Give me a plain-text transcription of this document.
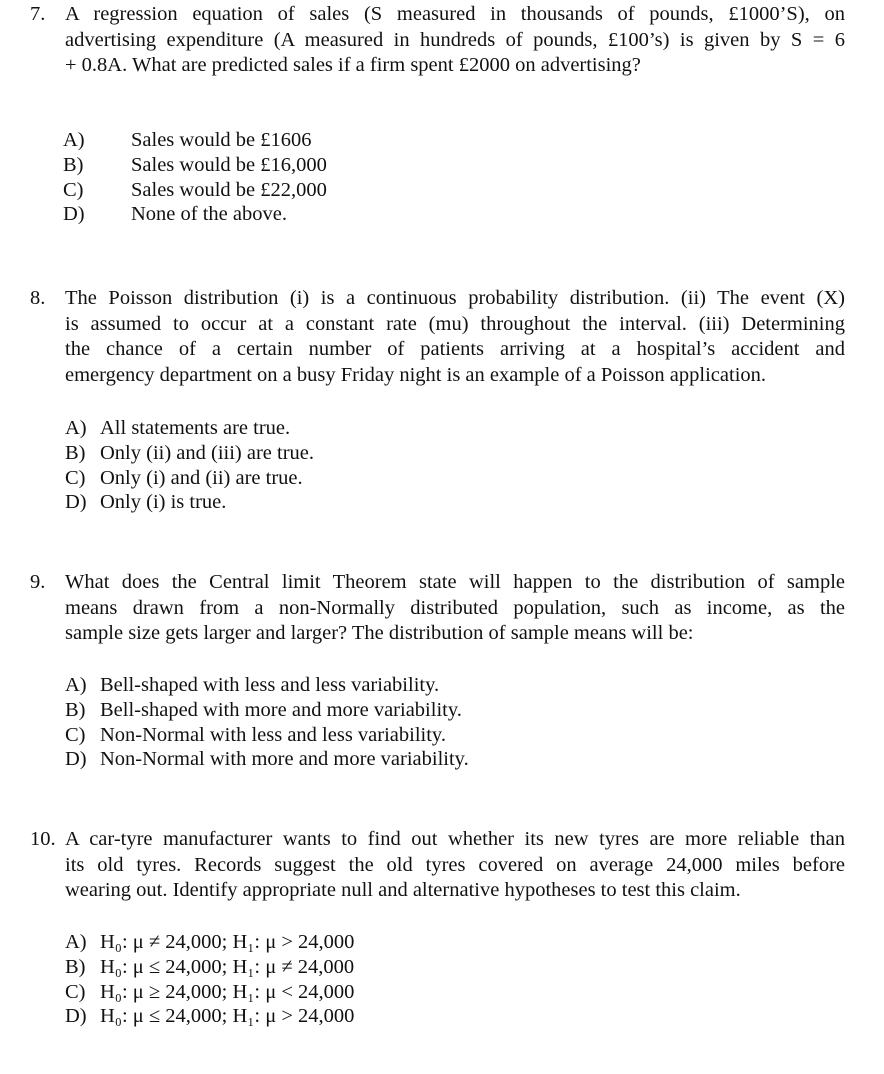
7. A regression equation of sales (S measured in thousands of pounds, £1000’S), on
advertising expenditure (A measured in hundreds of pounds, £100’s) is given by S = 6
+ 0.8A. What are predicted sales if a firm spent £2000 on advertising?
A) Sales would be £1606
B) Sales would be £16,000
C) Sales would be £22,000
D) None of the above.
8. The Poisson distribution (i) is a continuous probability distribution. (ii) The event (X)
is assumed to occur at a constant rate (mu) throughout the interval. (iii) Determining
the chance of a certain number of patients arriving at a hospital’s accident and
emergency department on a busy Friday night is an example of a Poisson application.
A) All statements are true.
B) Only (ii) and (iii) are true.
C) Only (i) and (ii) are true.
D) Only (i) is true.
9. What does the Central limit Theorem state will happen to the distribution of sample
means drawn from a non-Normally distributed population, such as income, as the
sample size gets larger and larger? The distribution of sample means will be:
A) Bell-shaped with less and less variability.
B) Bell-shaped with more and more variability.
C) Non-Normal with less and less variability.
D) Non-Normal with more and more variability.
10. A car-tyre manufacturer wants to find out whether its new tyres are more reliable than
its old tyres. Records suggest the old tyres covered on average 24,000 miles before
wearing out. Identify appropriate null and alternative hypotheses to test this claim.
A) H₀: μ ≠ 24,000; H₁: μ > 24,000
B) H₀: μ ≤ 24,000; H₁: μ ≠ 24,000
C) H₀: μ ≥ 24,000; H₁: μ < 24,000
D) H₀: μ ≤ 24,000; H₁: μ > 24,000
